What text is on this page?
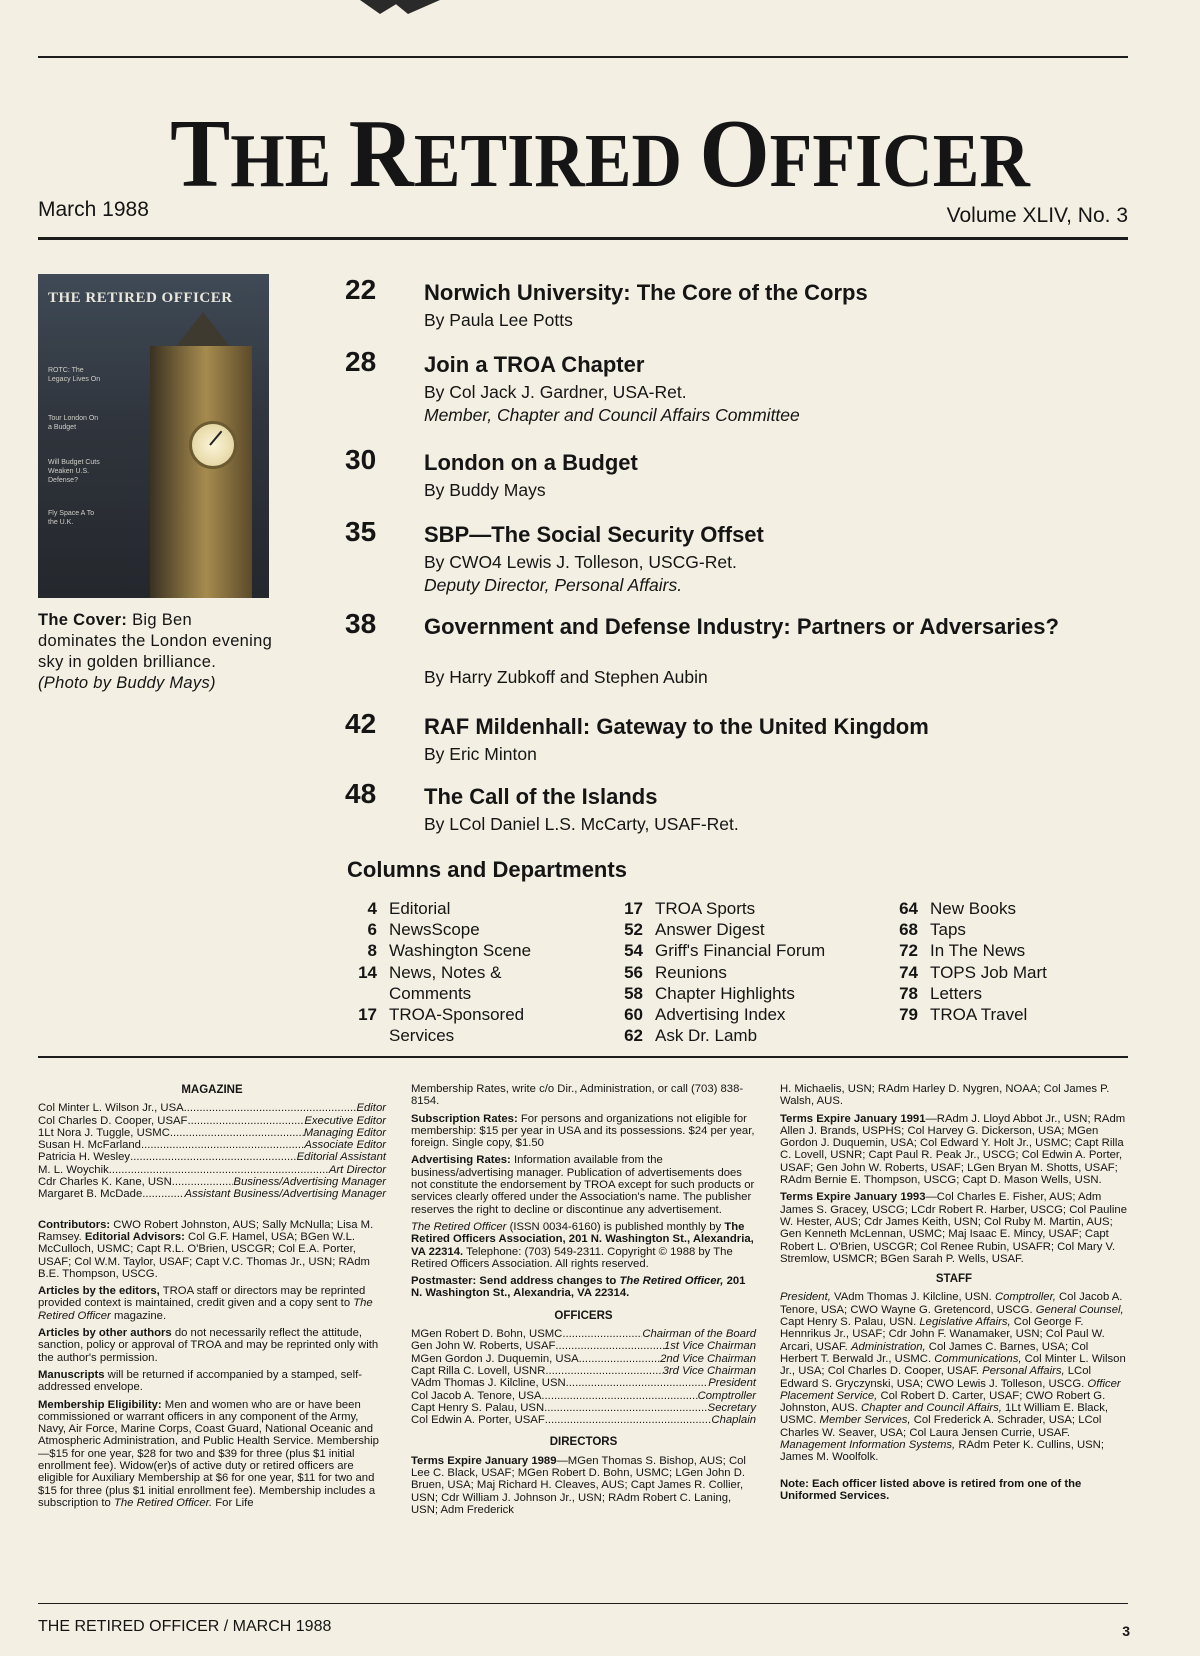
THE RETIRED OFFICER
March 1988	Volume XLIV, No. 3
THE RETIRED OFFICER
ROTC: The Legacy Lives On
Tour London On a Budget
Will Budget Cuts Weaken U.S. Defense?
Fly Space A To the U.K.
The Cover: Big Ben dominates the London evening sky in golden brilliance.
(Photo by Buddy Mays)
22	Norwich University: The Core of the Corps
By Paula Lee Potts
28	Join a TROA Chapter
By Col Jack J. Gardner, USA-Ret.
Member, Chapter and Council Affairs Committee
30	London on a Budget
By Buddy Mays
35	SBP—The Social Security Offset
By CWO4 Lewis J. Tolleson, USCG-Ret.
Deputy Director, Personal Affairs.
38	Government and Defense Industry: Partners or Adversaries?
By Harry Zubkoff and Stephen Aubin
42	RAF Mildenhall: Gateway to the United Kingdom
By Eric Minton
48	The Call of the Islands
By LCol Daniel L.S. McCarty, USAF-Ret.
Columns and Departments
4 Editorial
6 NewsScope
8 Washington Scene
14 News, Notes &
Comments
17 TROA-Sponsored
Services
17 TROA Sports
52 Answer Digest
54 Griff's Financial Forum
56 Reunions
58 Chapter Highlights
60 Advertising Index
62 Ask Dr. Lamb
64 New Books
68 Taps
72 In The News
74 TOPS Job Mart
78 Letters
79 TROA Travel
MAGAZINE
Col Minter L. Wilson Jr., USA .....	Editor
Col Charles D. Cooper, USAF .....	Executive Editor
1Lt Nora J. Tuggle, USMC .....	Managing Editor
Susan H. McFarland .....	Associate Editor
Patricia H. Wesley .....	Editorial Assistant
M. L. Woychik .....	Art Director
Cdr Charles K. Kane, USN .....	Business/Advertising Manager
Margaret B. McDade .....	Assistant Business/Advertising Manager

Contributors: CWO Robert Johnston, AUS; Sally McNulla; Lisa M. Ramsey. Editorial Advisors: Col G.F. Hamel, USA; BGen W.L. McCulloch, USMC; Capt R.L. O'Brien, USCGR; Col E.A. Porter, USAF; Col W.M. Taylor, USAF; Capt V.C. Thomas Jr., USN; RAdm B.E. Thompson, USCG.

Articles by the editors, TROA staff or directors may be reprinted provided context is maintained, credit given and a copy sent to The Retired Officer magazine.

Articles by other authors do not necessarily reflect the attitude, sanction, policy or approval of TROA and may be reprinted only with the author's permission.

Manuscripts will be returned if accompanied by a stamped, self-addressed envelope.

Membership Eligibility: Men and women who are or have been commissioned or warrant officers in any component of the Army, Navy, Air Force, Marine Corps, Coast Guard, National Oceanic and Atmospheric Administration, and Public Health Service. Membership—$15 for one year, $28 for two and $39 for three (plus $1 initial enrollment fee). Widow(er)s of active duty or retired officers are eligible for Auxiliary Membership at $6 for one year, $11 for two and $15 for three (plus $1 initial enrollment fee). Membership includes a subscription to The Retired Officer. For Life

Membership Rates, write c/o Dir., Administration, or call (703) 838-8154.

Subscription Rates: For persons and organizations not eligible for membership: $15 per year in USA and its possessions. $24 per year, foreign. Single copy, $1.50

Advertising Rates: Information available from the business/advertising manager. Publication of advertisements does not constitute the endorsement by TROA except for such products or services clearly offered under the Association's name. The publisher reserves the right to decline or discontinue any advertisement.

The Retired Officer (ISSN 0034-6160) is published monthly by The Retired Officers Association, 201 N. Washington St., Alexandria, VA 22314. Telephone: (703) 549-2311. Copyright © 1988 by The Retired Officers Association. All rights reserved.

Postmaster: Send address changes to The Retired Officer, 201 N. Washington St., Alexandria, VA 22314.

OFFICERS
MGen Robert D. Bohn, USMC .....	Chairman of the Board
Gen John W. Roberts, USAF .....	1st Vice Chairman
MGen Gordon J. Duquemin, USA .....	2nd Vice Chairman
Capt Rilla C. Lovell, USNR .....	3rd Vice Chairman
VAdm Thomas J. Kilcline, USN .....	President
Col Jacob A. Tenore, USA .....	Comptroller
Capt Henry S. Palau, USN .....	Secretary
Col Edwin A. Porter, USAF .....	Chaplain
DIRECTORS

Terms Expire January 1989—MGen Thomas S. Bishop, AUS; Col Lee C. Black, USAF; MGen Robert D. Bohn, USMC; LGen John D. Bruen, USA; Maj Richard H. Cleaves, AUS; Capt James R. Collier, USN; Cdr William J. Johnson Jr., USN; RAdm Robert C. Laning, USN; Adm Frederick

H. Michaelis, USN; RAdm Harley D. Nygren, NOAA; Col James P. Walsh, AUS.

Terms Expire January 1991—RAdm J. Lloyd Abbot Jr., USN; RAdm Allen J. Brands, USPHS; Col Harvey G. Dickerson, USA; MGen Gordon J. Duquemin, USA; Col Edward Y. Holt Jr., USMC; Capt Rilla C. Lovell, USNR; Capt Paul R. Peak Jr., USCG; Col Edwin A. Porter, USAF; Gen John W. Roberts, USAF; LGen Bryan M. Shotts, USAF; RAdm Bernie E. Thompson, USCG; Capt D. Mason Wells, USN.

Terms Expire January 1993—Col Charles E. Fisher, AUS; Adm James S. Gracey, USCG; LCdr Robert R. Harber, USCG; Col Pauline W. Hester, AUS; Cdr James Keith, USN; Col Ruby M. Martin, AUS; Gen Kenneth McLennan, USMC; Maj Isaac E. Mincy, USAF; Capt Robert L. O'Brien, USCGR; Col Renee Rubin, USAFR; Col Mary V. Stremlow, USMCR; BGen Sarah P. Wells, USAF.

STAFF

President, VAdm Thomas J. Kilcline, USN. Comptroller, Col Jacob A. Tenore, USA; CWO Wayne G. Gretencord, USCG. General Counsel, Capt Henry S. Palau, USN. Legislative Affairs, Col George F. Hennrikus Jr., USAF; Cdr John F. Wanamaker, USN; Col Paul W. Arcari, USAF. Administration, Col James C. Barnes, USA; Col Herbert T. Berwald Jr., USMC. Communications, Col Minter L. Wilson Jr., USA; Col Charles D. Cooper, USAF. Personal Affairs, LCol Edward S. Gryczynski, USA; CWO Lewis J. Tolleson, USCG. Officer Placement Service, Col Robert D. Carter, USAF; CWO Robert G. Johnston, AUS. Chapter and Council Affairs, 1Lt William E. Black, USMC. Member Services, Col Frederick A. Schrader, USA; LCol Charles W. Seaver, USA; Col Laura Jensen Currie, USAF. Management Information Systems, RAdm Peter K. Cullins, USN; James M. Woolfolk.

Note: Each officer listed above is retired from one of the Uniformed Services.

THE RETIRED OFFICER / MARCH 1988	3
